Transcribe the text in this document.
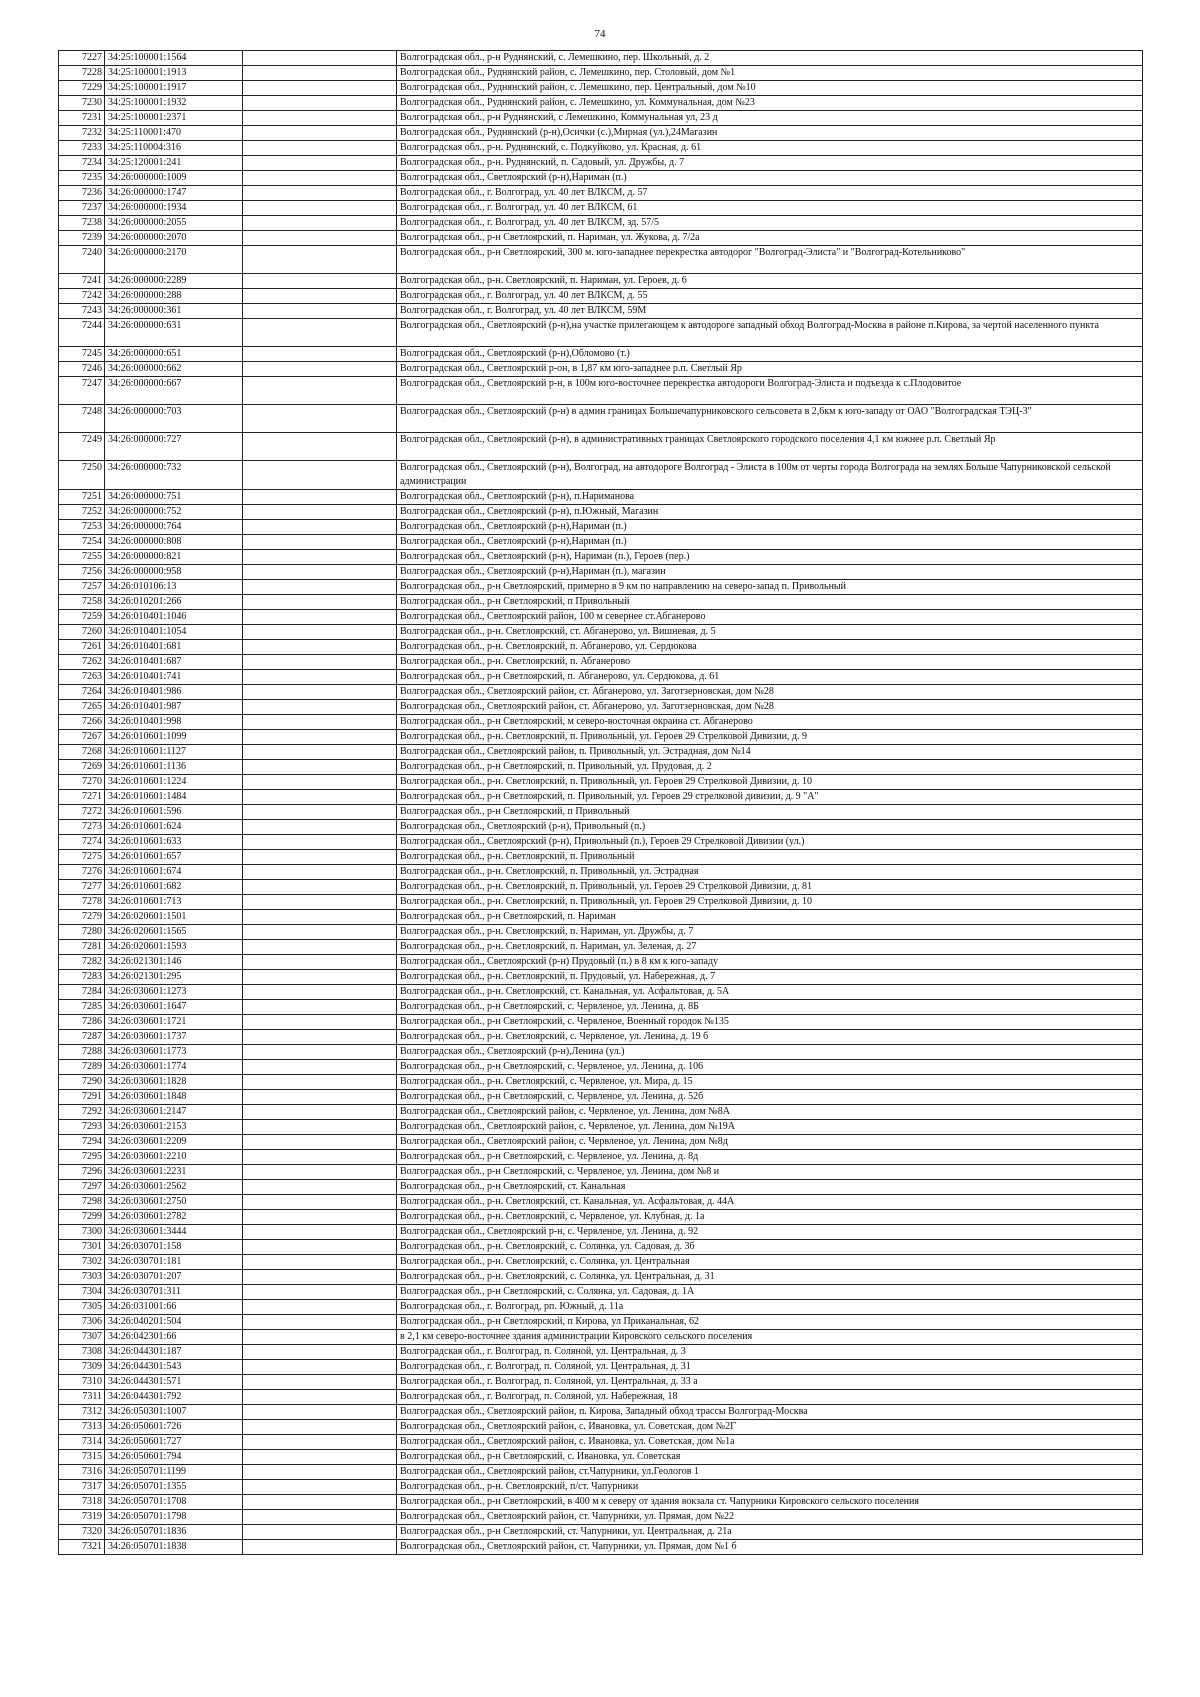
74
7227	34:25:100001:1564		Волгоградская обл., р-н Руднянский, с. Лемешкино, пер. Школьный, д. 2
7228	34:25:100001:1913		Волгоградская обл., Руднянский район, с. Лемешкино, пер. Столовый, дом №1
7229	34:25:100001:1917		Волгоградская обл., Руднянский район, с. Лемешкино, пер. Центральный, дом №10
7230	34:25:100001:1932		Волгоградская обл., Руднянский район, с. Лемешкино, ул. Коммунальная, дом №23
7231	34:25:100001:2371		Волгоградская обл., р-н Руднянский, с Лемешкино, Коммунальная ул, 23 д
7232	34:25:110001:470		Волгоградская обл., Руднянский (р-н),Осички (с.),Мирная (ул.),24Магазин
7233	34:25:110004:316		Волгоградская обл., р-н. Руднянский, с. Подкуйково, ул. Красная, д. 61
7234	34:25:120001:241		Волгоградская обл., р-н. Руднянский, п. Садовый, ул. Дружбы, д. 7
7235	34:26:000000:1009		Волгоградская обл., Светлоярский (р-н),Нариман (п.)
7236	34:26:000000:1747		Волгоградская обл., г. Волгоград, ул. 40 лет ВЛКСМ, д. 57
7237	34:26:000000:1934		Волгоградская обл., г. Волгоград, ул. 40 лет ВЛКСМ, 61
7238	34:26:000000:2055		Волгоградская обл., г. Волгоград, ул. 40 лет ВЛКСМ, зд. 57/5
7239	34:26:000000:2070		Волгоградская обл., р-н Светлоярский, п. Нариман, ул. Жукова, д. 7/2а
7240	34:26:000000:2170		Волгоградская обл., р-н Светлоярский, 300 м. юго-западнее перекрестка автодорог "Волгоград-Элиста" и "Волгоград-Котельниково"
7241	34:26:000000:2289		Волгоградская обл., р-н. Светлоярский, п. Нариман, ул. Героев, д. 6
7242	34:26:000000:288		Волгоградская обл., г. Волгоград, ул. 40 лет ВЛКСМ, д. 55
7243	34:26:000000:361		Волгоградская обл., г. Волгоград, ул. 40 лет ВЛКСМ, 59М
7244	34:26:000000:631		Волгоградская обл., Светлоярский (р-н),на участке прилегающем к автодороге западный обход Волгоград-Москва в районе п.Кирова, за чертой населенного пункта
7245	34:26:000000:651		Волгоградская обл., Светлоярский (р-н),Обломово (т.)
7246	34:26:000000:662		Волгоградская обл., Светлоярский р-он, в 1,87 км юго-западнее р.п. Светлый Яр
7247	34:26:000000:667		Волгоградская обл., Светлоярский р-н, в 100м юго-восточнее перекрестка автодороги Волгоград-Элиста и подъезда к с.Плодовитое
7248	34:26:000000:703		Волгоградская обл., Светлоярский (р-н) в админ границах Большечапурниковского сельсовета в 2,6км к юго-западу от ОАО "Волгоградская ТЭЦ-3"
7249	34:26:000000:727		Волгоградская обл., Светлоярский (р-н), в административных границах Светлоярского городского поселения 4,1 км южнее р.п. Светлый Яр
7250	34:26:000000:732		Волгоградская обл., Светлоярский (р-н), Волгоград, на автодороге Волгоград - Элиста в 100м от черты города Волгограда на землях Больше Чапурниковской сельской администрации
7251	34:26:000000:751		Волгоградская обл., Светлоярский (р-н), п.Нариманова
7252	34:26:000000:752		Волгоградская обл., Светлоярский (р-н), п.Южный, Магазин
7253	34:26:000000:764		Волгоградская обл., Светлоярский (р-н),Нариман (п.)
7254	34:26:000000:808		Волгоградская обл., Светлоярский (р-н),Нариман (п.)
7255	34:26:000000:821		Волгоградская обл., Светлоярский (р-н), Нариман (п.), Героев (пер.)
7256	34:26:000000:958		Волгоградская обл., Светлоярский (р-н),Нариман (п.), магазин
7257	34:26:010106:13		Волгоградская обл., р-н Светлоярский, примерно в 9 км по направлению на северо-запад п. Привольный
7258	34:26:010201:266		Волгоградская обл., р-н Светлоярский, п Привольный
7259	34:26:010401:1046		Волгоградская обл., Светлоярский район, 100 м севернее ст.Абганерово
7260	34:26:010401:1054		Волгоградская обл., р-н. Светлоярский, ст. Абганерово, ул. Вишневая, д. 5
7261	34:26:010401:681		Волгоградская обл., р-н. Светлоярский, п. Абганерово, ул. Сердюкова
7262	34:26:010401:687		Волгоградская обл., р-н. Светлоярский, п. Абганерово
7263	34:26:010401:741		Волгоградская обл., р-н Светлоярский, п. Абганерово, ул. Сердюкова, д. 61
7264	34:26:010401:986		Волгоградская обл., Светлоярский район, ст. Абганерово, ул. Заготзерновская, дом №28
7265	34:26:010401:987		Волгоградская обл., Светлоярский район, ст. Абганерово, ул. Заготзерновская, дом №28
7266	34:26:010401:998		Волгоградская обл., р-н Светлоярский, м северо-восточная окраина ст. Абганерово
7267	34:26:010601:1099		Волгоградская обл., р-н. Светлоярский, п. Привольный, ул. Героев 29 Стрелковой Дивизии, д. 9
7268	34:26:010601:1127		Волгоградская обл., Светлоярский район, п. Привольный, ул. Эстрадная, дом №14
7269	34:26:010601:1136		Волгоградская обл., р-н Светлоярский, п. Привольный, ул. Прудовая, д. 2
7270	34:26:010601:1224		Волгоградская обл., р-н. Светлоярский, п. Привольный, ул. Героев 29 Стрелковой Дивизии, д. 10
7271	34:26:010601:1484		Волгоградская обл., р-н Светлоярский, п. Привольный, ул. Героев 29 стрелковой дивизии, д. 9 "А"
7272	34:26:010601:596		Волгоградская обл., р-н Светлоярский, п Привольный
7273	34:26:010601:624		Волгоградская обл., Светлоярский (р-н), Привольный (п.)
7274	34:26:010601:633		Волгоградская обл., Светлоярский (р-н), Привольный (п.), Героев 29 Стрелковой Дивизии (ул.)
7275	34:26:010601:657		Волгоградская обл., р-н. Светлоярский, п. Привольный
7276	34:26:010601:674		Волгоградская обл., р-н. Светлоярский, п. Привольный, ул. Эстрадная
7277	34:26:010601:682		Волгоградская обл., р-н. Светлоярский, п. Привольный, ул. Героев 29 Стрелковой Дивизии, д. 81
7278	34:26:010601:713		Волгоградская обл., р-н. Светлоярский, п. Привольный, ул. Героев 29 Стрелковой Дивизии, д. 10
7279	34:26:020601:1501		Волгоградская обл., р-н Светлоярский, п. Нариман
7280	34:26:020601:1565		Волгоградская обл., р-н. Светлоярский, п. Нариман, ул. Дружбы, д. 7
7281	34:26:020601:1593		Волгоградская обл., р-н. Светлоярский, п. Нариман, ул. Зеленая, д. 27
7282	34:26:021301:146		Волгоградская обл., Светлоярский (р-н) Прудовый (п.) в 8 км к юго-западу
7283	34:26:021301:295		Волгоградская обл., р-н. Светлоярский, п. Прудовый, ул. Набережная, д. 7
7284	34:26:030601:1273		Волгоградская обл., р-н. Светлоярский, ст. Канальная, ул. Асфальтовая, д. 5А
7285	34:26:030601:1647		Волгоградская обл., р-н Светлоярский, с. Червленое, ул. Ленина, д. 8Б
7286	34:26:030601:1721		Волгоградская обл., р-н Светлоярский, с. Червленое, Военный городок №135
7287	34:26:030601:1737		Волгоградская обл., р-н. Светлоярский, с. Червленое, ул. Ленина, д. 19 б
7288	34:26:030601:1773		Волгоградская обл., Светлоярский (р-н),Ленина (ул.)
7289	34:26:030601:1774		Волгоградская обл., р-н Светлоярский, с. Червленое, ул. Ленина, д. 106
7290	34:26:030601:1828		Волгоградская обл., р-н. Светлоярский, с. Червленое, ул. Мира, д. 15
7291	34:26:030601:1848		Волгоградская обл., р-н Светлоярский, с. Червленое, ул. Ленина, д. 52б
7292	34:26:030601:2147		Волгоградская обл., Светлоярский район, с. Червленое, ул. Ленина, дом №8А
7293	34:26:030601:2153		Волгоградская обл., Светлоярский район, с. Червленое, ул. Ленина, дом №19А
7294	34:26:030601:2209		Волгоградская обл., Светлоярский район, с. Червленое, ул. Ленина, дом №8д
7295	34:26:030601:2210		Волгоградская обл., р-н Светлоярский, с. Червленое, ул. Ленина, д. 8д
7296	34:26:030601:2231		Волгоградская обл., р-н Светлоярский, с. Червленое, ул. Ленина, дом №8 и
7297	34:26:030601:2562		Волгоградская обл., р-н Светлоярский, ст. Канальная
7298	34:26:030601:2750		Волгоградская обл., р-н. Светлоярский, ст. Канальная, ул. Асфальтовая, д. 44А
7299	34:26:030601:2782		Волгоградская обл., р-н. Светлоярский, с. Червленое, ул. Клубная, д. 1а
7300	34:26:030601:3444		Волгоградская обл., Светлоярский р-н, с. Червленое, ул. Ленина, д. 92
7301	34:26:030701:158		Волгоградская обл., р-н. Светлоярский, с. Солянка, ул. Садовая, д. 3б
7302	34:26:030701:181		Волгоградская обл., р-н. Светлоярский, с. Солянка, ул. Центральная
7303	34:26:030701:207		Волгоградская обл., р-н. Светлоярский, с. Солянка, ул. Центральная, д. 31
7304	34:26:030701:311		Волгоградская обл., р-н Светлоярский, с. Солянка, ул. Садовая, д. 1А
7305	34:26:031001:66		Волгоградская обл., г. Волгоград, рп. Южный, д. 11а
7306	34:26:040201:504		Волгоградская обл., р-н Светлоярский, п Кирова, ул Приканальная, 62
7307	34:26:042301:66		в 2,1 км северо-восточнее здания администрации Кировского сельского поселения
7308	34:26:044301:187		Волгоградская обл., г. Волгоград, п. Соляной, ул. Центральная, д. 3
7309	34:26:044301:543		Волгоградская обл., г. Волгоград, п. Соляной, ул. Центральная, д. 31
7310	34:26:044301:571		Волгоградская обл., г. Волгоград, п. Соляной, ул. Центральная, д. 33 а
7311	34:26:044301:792		Волгоградская обл., г. Волгоград, п. Соляной, ул. Набережная, 18
7312	34:26:050301:1007		Волгоградская обл., Светлоярский район, п. Кирова, Западный обход трассы Волгоград-Москва
7313	34:26:050601:726		Волгоградская обл., Светлоярский район, с. Ивановка, ул. Советская, дом №2Г
7314	34:26:050601:727		Волгоградская обл., Светлоярский район, с. Ивановка, ул. Советская, дом №1а
7315	34:26:050601:794		Волгоградская обл., р-н Светлоярский, с. Ивановка, ул. Советская
7316	34:26:050701:1199		Волгоградская обл., Светлоярский район, ст.Чапурники, ул.Геологов 1
7317	34:26:050701:1355		Волгоградская обл., р-н. Светлоярский, п/ст. Чапурники
7318	34:26:050701:1708		Волгоградская обл., р-н Светлоярский, в 400 м к северу от здания вокзала ст. Чапурники Кировского сельского поселения
7319	34:26:050701:1798		Волгоградская обл., Светлоярский район, ст. Чапурники, ул. Прямая, дом №22
7320	34:26:050701:1836		Волгоградская обл., р-н Светлоярский, ст. Чапурники, ул. Центральная, д. 21а
7321	34:26:050701:1838		Волгоградская обл., Светлоярский район, ст. Чапурники, ул. Прямая, дом №1 б
